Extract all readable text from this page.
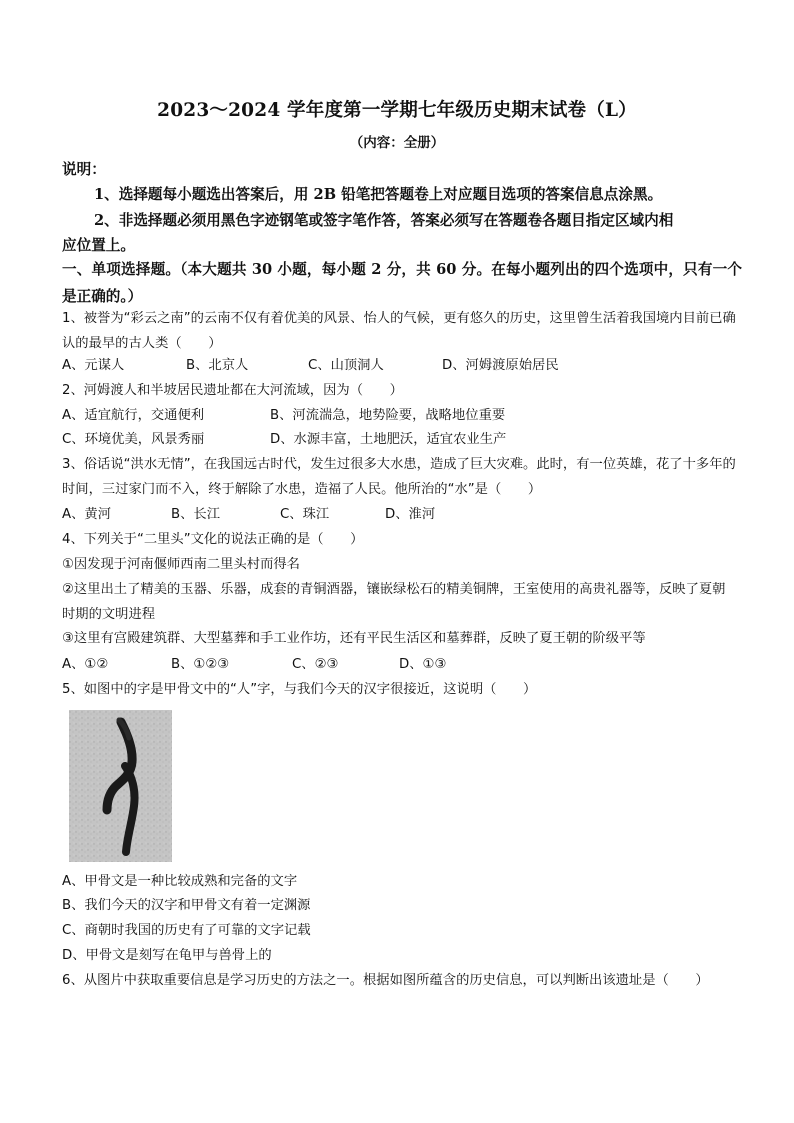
2023～2024 学年度第一学期七年级历史期末试卷（L）
（内容：全册）
说明：
1、选择题每小题选出答案后，用 2B 铅笔把答题卷上对应题目选项的答案信息点涂黑。
2、非选择题必须用黑色字迹钢笔或签字笔作答，答案必须写在答题卷各题目指定区域内相
应位置上。
一、单项选择题。（本大题共 30 小题，每小题 2 分，共 60 分。在每小题列出的四个选项中，只有一个是正确的。）
1、被誉为“彩云之南”的云南不仅有着优美的风景、怡人的气候，更有悠久的历史，这里曾生活着我国境内目前已确认的最早的古人类（　　）
A、元谋人	B、北京人	C、山顶洞人	D、河姆渡原始居民
2、河姆渡人和半坡居民遗址都在大河流域，因为（　　）
A、适宜航行，交通便利	B、河流湍急，地势险要，战略地位重要
C、环境优美，风景秀丽	D、水源丰富，土地肥沃，适宜农业生产
3、俗话说“洪水无情”，在我国远古时代，发生过很多大水患，造成了巨大灾难。此时，有一位英雄，花了十多年的时间，三过家门而不入，终于解除了水患，造福了人民。他所治的“水”是（　　）
A、黄河	B、长江	C、珠江	D、淮河
4、下列关于“二里头”文化的说法正确的是（　　）
①因发现于河南偃师西南二里头村而得名
②这里出土了精美的玉器、乐器，成套的青铜酒器，镶嵌绿松石的精美铜牌，王室使用的高贵礼器等，反映了夏朝时期的文明进程
③这里有宫殿建筑群、大型墓葬和手工业作坊，还有平民生活区和墓葬群，反映了夏王朝的阶级平等
A、①②	B、①②③	C、②③	D、①③
5、如图中的字是甲骨文中的“人”字，与我们今天的汉字很接近，这说明（　　）
A、甲骨文是一种比较成熟和完备的文字
B、我们今天的汉字和甲骨文有着一定渊源
C、商朝时我国的历史有了可靠的文字记载
D、甲骨文是刻写在龟甲与兽骨上的
6、从图片中获取重要信息是学习历史的方法之一。根据如图所蕴含的历史信息，可以判断出该遗址是（　　）
